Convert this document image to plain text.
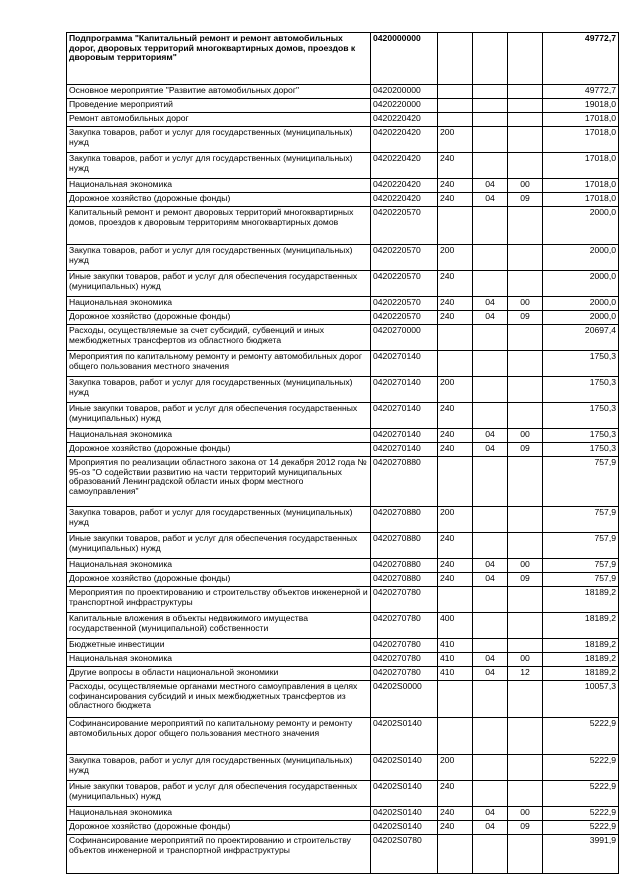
Подпрограмма "Капитальный ремонт и ремонт автомобильных дорог, дворовых территорий многоквартирных домов, проездов к дворовым территориям"	0420000000				49772,7
Основное мероприятие "Развитие автомобильных дорог"	0420200000				49772,7
Проведение мероприятий	0420220000				19018,0
Ремонт автомобильных дорог	0420220420				17018,0
Закупка товаров, работ и услуг для государственных (муниципальных) нужд	0420220420	200			17018,0
Закупка товаров, работ и услуг для государственных (муниципальных) нужд	0420220420	240			17018,0
Национальная экономика	0420220420	240	04	00	17018,0
Дорожное хозяйство (дорожные фонды)	0420220420	240	04	09	17018,0
Капитальный ремонт и ремонт дворовых территорий многоквартирных домов, проездов к дворовым территориям многоквартирных домов	0420220570				2000,0
Закупка товаров, работ и услуг для государственных (муниципальных) нужд	0420220570	200			2000,0
Иные закупки товаров, работ и услуг для обеспечения государственных (муниципальных) нужд	0420220570	240			2000,0
Национальная экономика	0420220570	240	04	00	2000,0
Дорожное хозяйство (дорожные фонды)	0420220570	240	04	09	2000,0
Расходы, осуществляемые за счет субсидий, субвенций и иных межбюджетных трансфертов из областного бюджета	0420270000				20697,4
Мероприятия по капитальному ремонту и ремонту автомобильных дорог общего пользования местного значения	0420270140				1750,3
Закупка товаров, работ и услуг для государственных (муниципальных) нужд	0420270140	200			1750,3
Иные закупки товаров, работ и услуг для обеспечения государственных (муниципальных) нужд	0420270140	240			1750,3
Национальная экономика	0420270140	240	04	00	1750,3
Дорожное хозяйство (дорожные фонды)	0420270140	240	04	09	1750,3
Мроприятия по реализации областного закона от 14 декабря 2012 года № 95-оз "О содействии развитию на части территорий муниципальных образований Ленинградской области иных форм местного самоуправления"	0420270880				757,9
Закупка товаров, работ и услуг для государственных (муниципальных) нужд	0420270880	200			757,9
Иные закупки товаров, работ и услуг для обеспечения государственных (муниципальных) нужд	0420270880	240			757,9
Национальная экономика	0420270880	240	04	00	757,9
Дорожное хозяйство (дорожные фонды)	0420270880	240	04	09	757,9
Мероприятия по проектированию и строительству объектов инженерной и транспортной инфраструктуры	0420270780				18189,2
Капитальные вложения в объекты недвижимого имущества государственной (муниципальной) собственности	0420270780	400			18189,2
Бюджетные инвестиции	0420270780	410			18189,2
Национальная экономика	0420270780	410	04	00	18189,2
Другие вопросы в области национальной экономики	0420270780	410	04	12	18189,2
Расходы, осуществляемые органами местного самоуправления в целях софинансирования субсидий и иных межбюджетных трансфертов из областного бюджета	04202S0000				10057,3
Софинансирование мероприятий по капитальному ремонту и ремонту автомобильных дорог общего пользования местного значения	04202S0140				5222,9
Закупка товаров, работ и услуг для государственных (муниципальных) нужд	04202S0140	200			5222,9
Иные закупки товаров, работ и услуг для обеспечения государственных (муниципальных) нужд	04202S0140	240			5222,9
Национальная экономика	04202S0140	240	04	00	5222,9
Дорожное хозяйство (дорожные фонды)	04202S0140	240	04	09	5222,9
Софинансирование мероприятий по проектированию и строительству объектов инженерной и транспортной инфраструктуры	04202S0780				3991,9
